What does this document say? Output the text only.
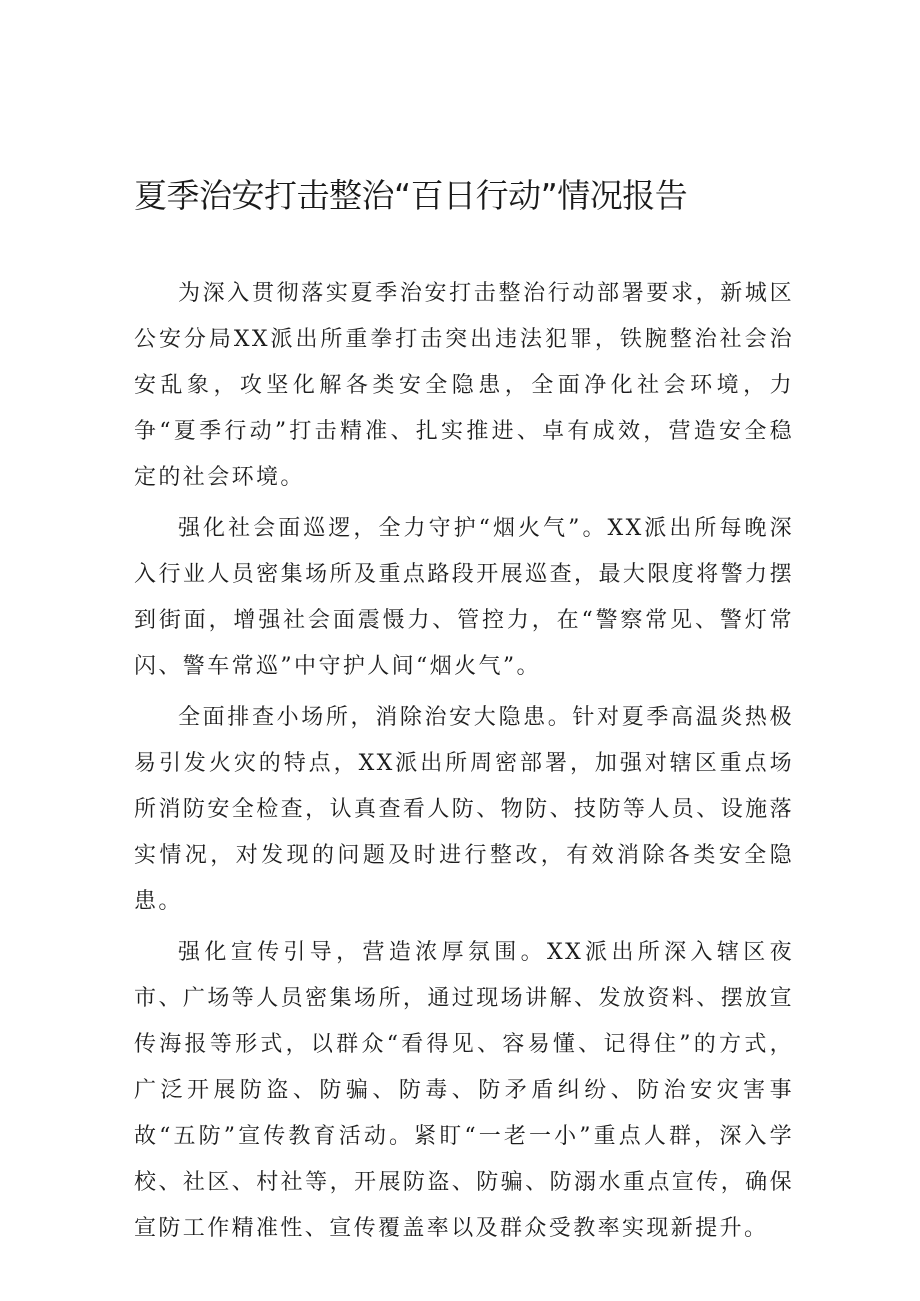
夏季治安打击整治“百日行动”情况报告

为深入贯彻落实夏季治安打击整治行动部署要求，新城区公安分局XX派出所重拳打击突出违法犯罪，铁腕整治社会治安乱象，攻坚化解各类安全隐患，全面净化社会环境，力争“夏季行动”打击精准、扎实推进、卓有成效，营造安全稳定的社会环境。

强化社会面巡逻，全力守护“烟火气”。XX派出所每晚深入行业人员密集场所及重点路段开展巡查，最大限度将警力摆到街面，增强社会面震慑力、管控力，在“警察常见、警灯常闪、警车常巡”中守护人间“烟火气”。

全面排查小场所，消除治安大隐患。针对夏季高温炎热极易引发火灾的特点，XX派出所周密部署，加强对辖区重点场所消防安全检查，认真查看人防、物防、技防等人员、设施落实情况，对发现的问题及时进行整改，有效消除各类安全隐患。

强化宣传引导，营造浓厚氛围。XX派出所深入辖区夜市、广场等人员密集场所，通过现场讲解、发放资料、摆放宣传海报等形式，以群众“看得见、容易懂、记得住”的方式，广泛开展防盗、防骗、防毒、防矛盾纠纷、防治安灾害事故“五防”宣传教育活动。紧盯“一老一小”重点人群，深入学校、社区、村社等，开展防盗、防骗、防溺水重点宣传，确保宣防工作精准性、宣传覆盖率以及群众受教率实现新提升。
